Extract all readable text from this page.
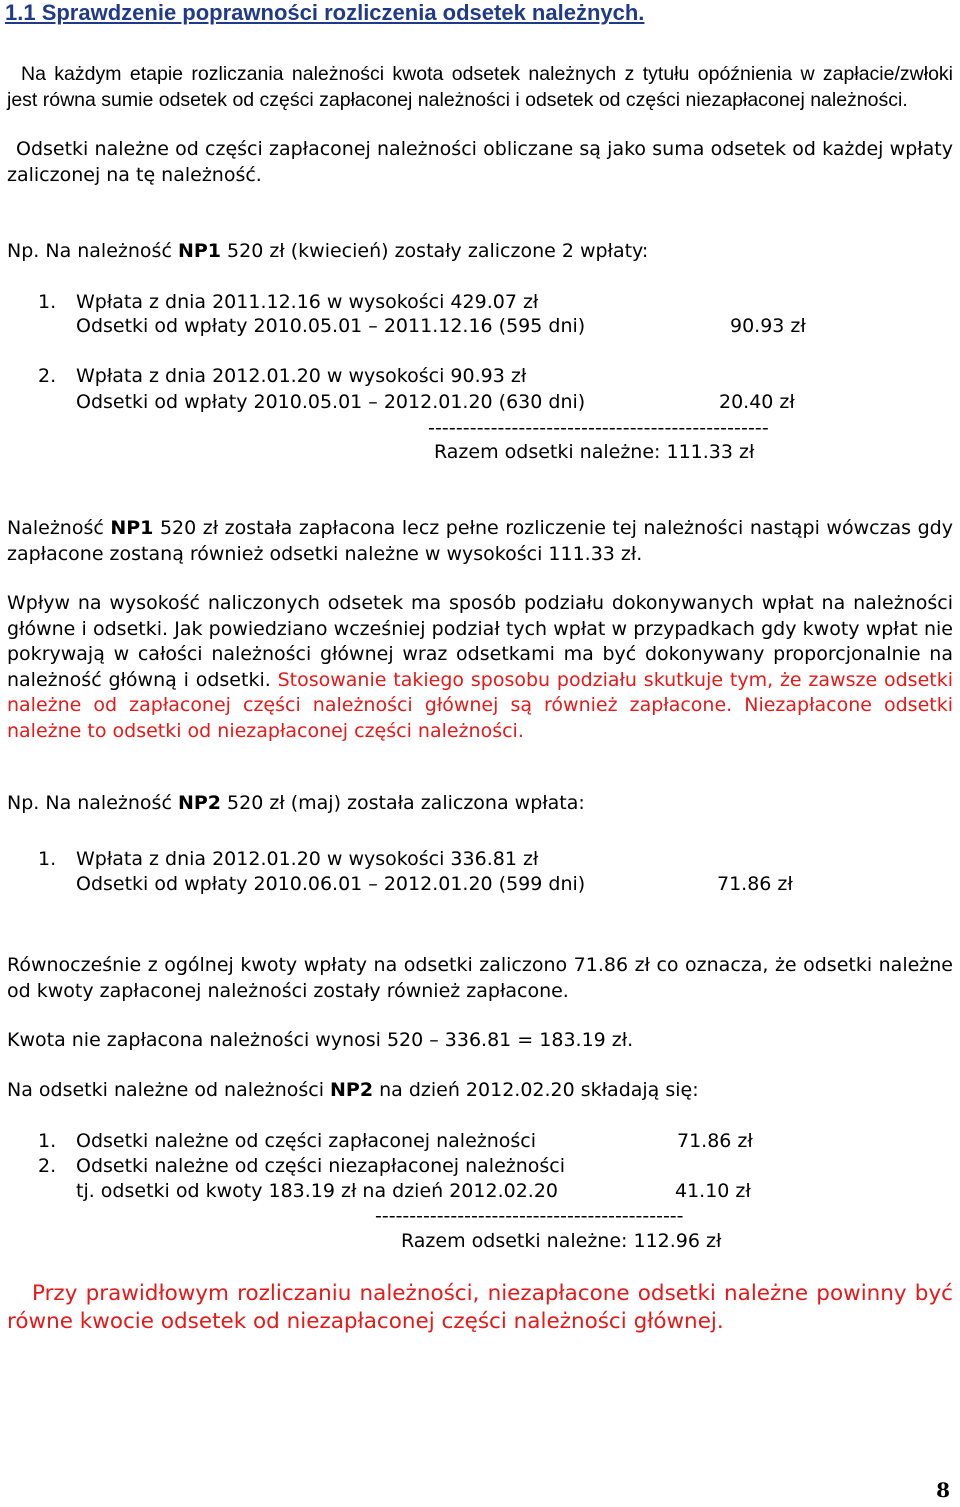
1.1 Sprawdzenie poprawności rozliczenia odsetek należnych.
Na każdym etapie rozliczania należności kwota odsetek należnych z tytułu opóźnienia w zapłacie/zwłoki jest równa sumie odsetek od części zapłaconej należności i odsetek od części niezapłaconej należności.
Odsetki należne od części zapłaconej należności obliczane są jako suma odsetek od każdej wpłaty zaliczonej na tę należność.
Np. Na należność NP1 520 zł (kwiecień) zostały zaliczone 2 wpłaty:
1. Wpłata z dnia 2011.12.16 w wysokości 429.07 zł
Odsetki od wpłaty 2010.05.01 – 2011.12.16 (595 dni)	90.93 zł
2. Wpłata z dnia 2012.01.20 w wysokości 90.93 zł
Odsetki od wpłaty 2010.05.01 – 2012.01.20 (630 dni)	20.40 zł
-------------------------------------------------
Razem odsetki należne: 111.33 zł
Należność NP1 520 zł została zapłacona lecz pełne rozliczenie tej należności nastąpi wówczas gdy zapłacone zostaną również odsetki należne w wysokości 111.33 zł.
Wpływ na wysokość naliczonych odsetek ma sposób podziału dokonywanych wpłat na należności główne i odsetki. Jak powiedziano wcześniej podział tych wpłat w przypadkach gdy kwoty wpłat nie pokrywają w całości należności głównej wraz odsetkami ma być dokonywany proporcjonalnie na należność główną i odsetki. Stosowanie takiego sposobu podziału skutkuje tym, że zawsze odsetki należne od zapłaconej części należności głównej są również zapłacone. Niezapłacone odsetki należne to odsetki od niezapłaconej części należności.
Np. Na należność NP2 520 zł (maj) została zaliczona wpłata:
1. Wpłata z dnia 2012.01.20 w wysokości 336.81 zł
Odsetki od wpłaty 2010.06.01 – 2012.01.20 (599 dni)	71.86 zł
Równocześnie z ogólnej kwoty wpłaty na odsetki zaliczono 71.86 zł co oznacza, że odsetki należne od kwoty zapłaconej należności zostały również zapłacone.
Kwota nie zapłacona należności wynosi 520 – 336.81 = 183.19 zł.
Na odsetki należne od należności NP2 na dzień 2012.02.20 składają się:
1. Odsetki należne od części zapłaconej należności	71.86 zł
2. Odsetki należne od części niezapłaconej należności
tj. odsetki od kwoty 183.19 zł na dzień 2012.02.20	41.10 zł
---------------------------------------------
Razem odsetki należne: 112.96 zł
Przy prawidłowym rozliczaniu należności, niezapłacone odsetki należne powinny być równe kwocie odsetek od niezapłaconej części należności głównej.
8
